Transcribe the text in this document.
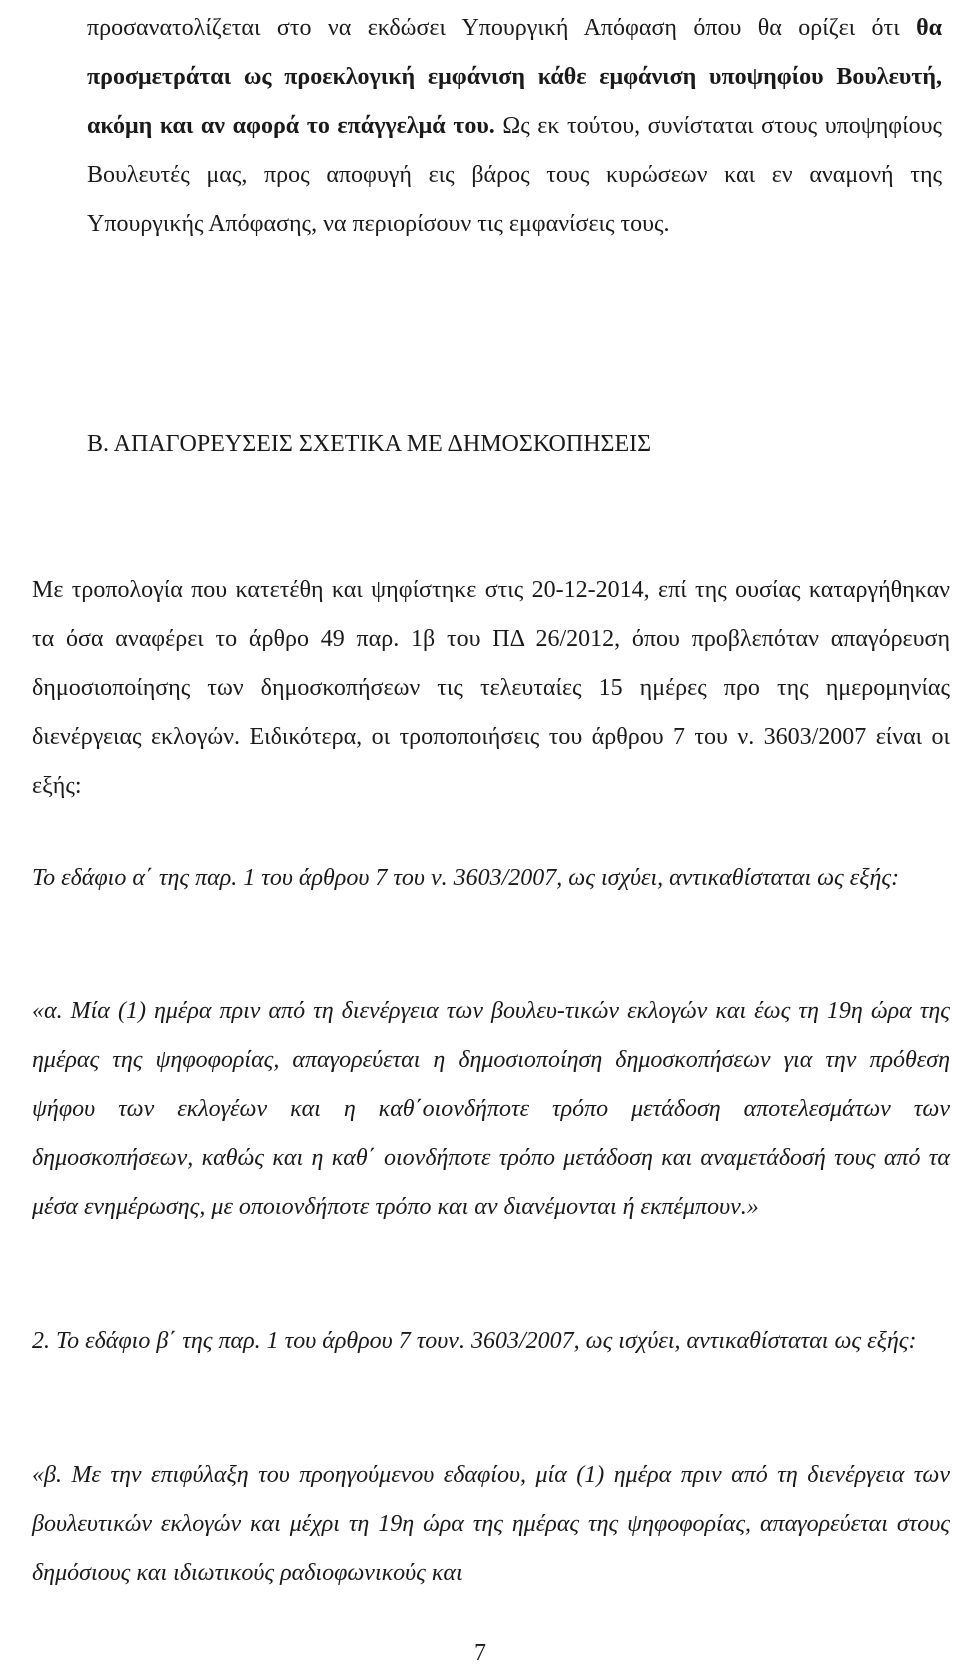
προσανατολίζεται στο να εκδώσει Υπουργική Απόφαση όπου θα ορίζει ότι θα προσμετράται ως προεκλογική εμφάνιση κάθε εμφάνιση υποψηφίου Βουλευτή, ακόμη και αν αφορά το επάγγελμά του. Ως εκ τούτου, συνίσταται στους υποψηφίους Βουλευτές μας, προς αποφυγή εις βάρος τους κυρώσεων και εν αναμονή της Υπουργικής Απόφασης, να περιορίσουν τις εμφανίσεις τους.
Β. ΑΠΑΓΟΡΕΥΣΕΙΣ ΣΧΕΤΙΚΑ ΜΕ ΔΗΜΟΣΚΟΠΗΣΕΙΣ
Με τροπολογία που κατετέθη και ψηφίστηκε στις 20-12-2014, επί της ουσίας καταργήθηκαν τα όσα αναφέρει το άρθρο 49 παρ. 1β του ΠΔ 26/2012, όπου προβλεπόταν απαγόρευση δημοσιοποίησης των δημοσκοπήσεων τις τελευταίες 15 ημέρες προ της ημερομηνίας διενέργειας εκλογών. Ειδικότερα, οι τροποποιήσεις του άρθρου 7 του ν. 3603/2007 είναι οι εξής:
Το εδάφιο α΄ της παρ. 1 του άρθρου 7 του ν. 3603/2007, ως ισχύει, αντικαθίσταται ως εξής:
«α. Μία (1) ημέρα πριν από τη διενέργεια των βουλευ-τικών εκλογών και έως τη 19η ώρα της ημέρας της ψηφοφορίας, απαγορεύεται η δημοσιοποίηση δημοσκοπήσεων για την πρόθεση ψήφου των εκλογέων και η καθ΄οιονδήποτε τρόπο μετάδοση αποτελεσμάτων των δημοσκοπήσεων, καθώς και η καθ΄ οιονδήποτε τρόπο μετάδοση και αναμετάδοσή τους από τα μέσα ενημέρωσης, με οποιονδήποτε τρόπο και αν διανέμονται ή εκπέμπουν.»
2. Το εδάφιο β΄ της παρ. 1 του άρθρου 7 τουν. 3603/2007, ως ισχύει, αντικαθίσταται ως εξής:
«β. Με την επιφύλαξη του προηγούμενου εδαφίου, μία (1) ημέρα πριν από τη διενέργεια των βουλευτικών εκλογών και μέχρι τη 19η ώρα της ημέρας της ψηφοφορίας, απαγορεύεται στους δημόσιους και ιδιωτικούς ραδιοφωνικούς και
7
